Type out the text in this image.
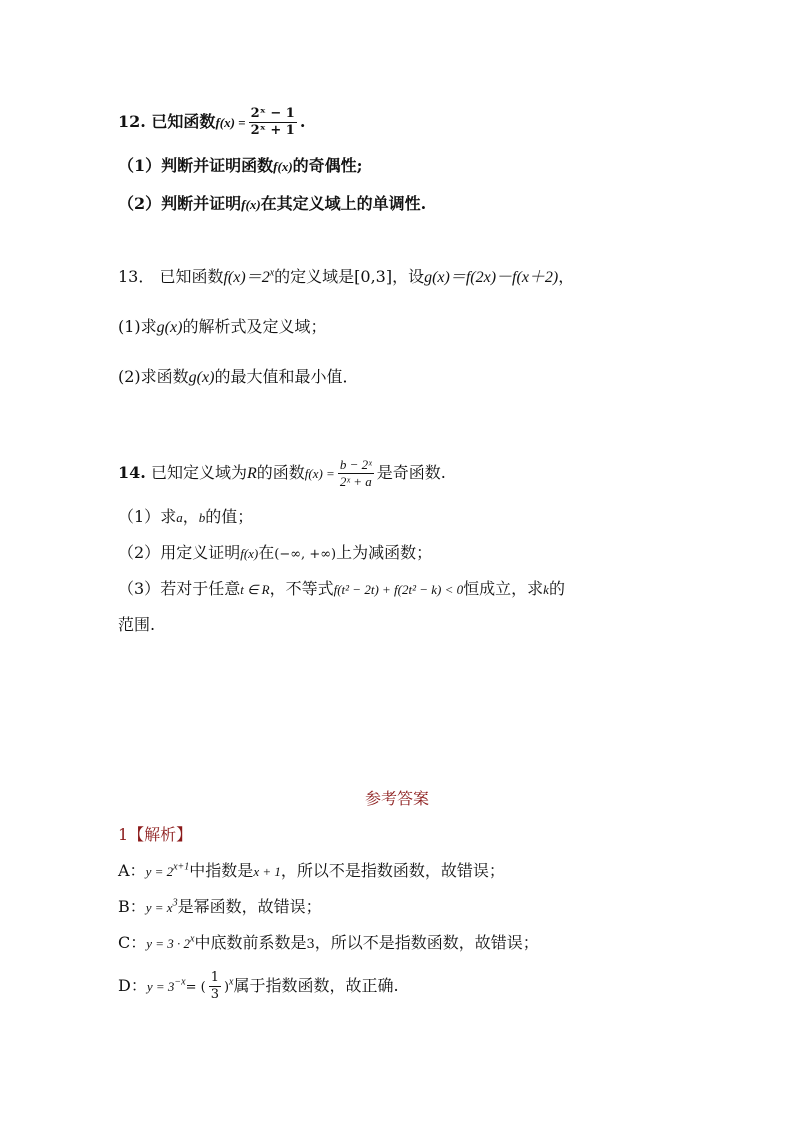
12. 已知函数$f(x) = \frac{\text{2ˣ − 1}}{\text{2ˣ + 1}}$ .
（1）判断并证明函数f(x)的奇偶性;
（2）判断并证明f(x)在其定义域上的单调性.
13． 已知函数$f(x)=2^x$的定义域是[0,3]，设g(x)＝f(2x)－f(x＋2)，
(1)求g(x)的解析式及定义域；
(2)求函数g(x)的最大值和最小值．
14. 已知定义域为R的函数$f(x) = \frac{\text{b − 2ˣ}}{\text{2ˣ + a}}$ 是奇函数.
（1）求a，b的值；
（2）用定义证明f(x)在(−∞, +∞)上为减函数；
（3）若对于任意t ∈ R，不等式f(t² − 2t) + f(2t² − k) < 0恒成立，求k的
范围.
参考答案
1【解析】
A：$y = 2^{x+1}$中指数是x + 1，所以不是指数函数，故错误；
B：$y = x^3$是幂函数，故错误；
C：$y = 3 \cdot 2^x$中底数前系数是3，所以不是指数函数，故错误；
D：$y = 3^{-x}=$ ( $\frac{1}{3} )^x$属于指数函数，故正确.
